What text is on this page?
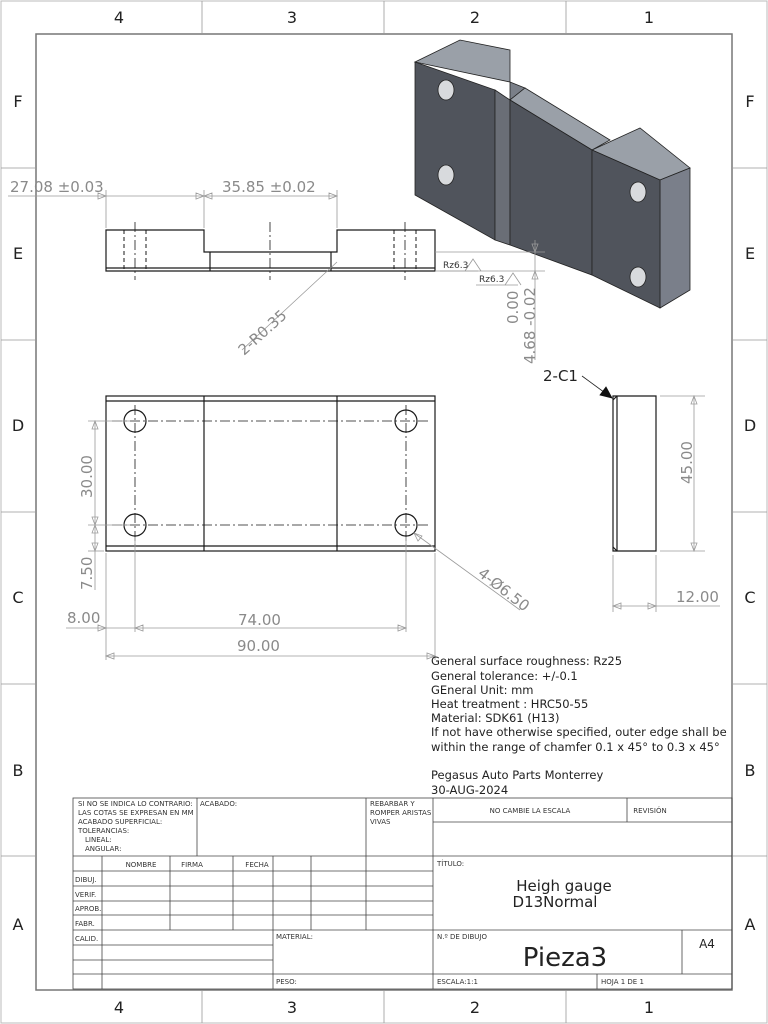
4	3	2	1
4	3	2	1
F
E
D
C
B
A
F
E
D
C
B
A
27.08 ±0.03	35.85 ±0.02
2-R0.35
Rz6.3
Rz6.3
0.00 4.68 -0.02
30.00
7.50
8.00	74.00
90.00
4-Ø6.50
45.00
12.00
2-C1
General surface roughness: Rz25
General tolerance: +/-0.1
GEneral Unit: mm
Heat treatment : HRC50-55
Material: SDK61 (H13)
If not have otherwise specified, outer edge shall be
within the range of chamfer 0.1 x 45° to 0.3 x 45°
Pegasus Auto Parts Monterrey
30-AUG-2024
SI NO SE INDICA LO CONTRARIO:
LAS COTAS SE EXPRESAN EN MM
ACABADO SUPERFICIAL:
TOLERANCIAS:
LINEAL:
ANGULAR:
ACABADO:	REBARBAR Y
ROMPER ARISTAS
VIVAS
NO CAMBIE LA ESCALA	REVISIÓN
NOMBRE	FIRMA	FECHA
DIBUJ.
VERIF.
APROB.
FABR.
CALID.	MATERIAL:
PESO:
TÍTULO:
Heigh gauge
D13Normal
N.º DE DIBUJO
Pieza3	A4
ESCALA:1:1	HOJA 1 DE 1
